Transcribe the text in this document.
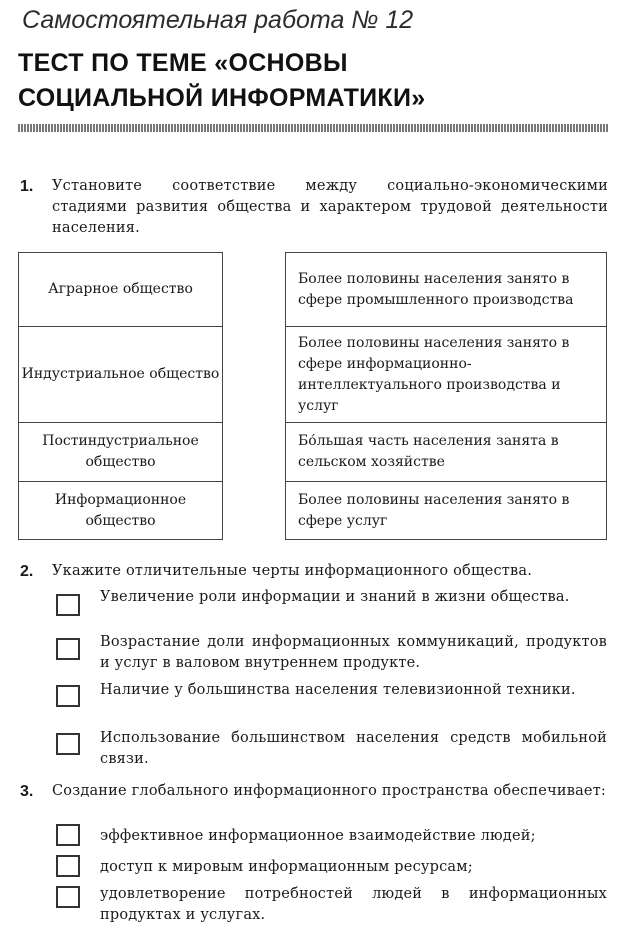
Самостоятельная работа № 12
ТЕСТ ПО ТЕМЕ «ОСНОВЫ
СОЦИАЛЬНОЙ ИНФОРМАТИКИ»
1. Установите соответствие между социально-экономическими стадиями развития общества и характером трудовой деятельности населения.
Аграрное общество
Индустриальное общество
Постиндустриальное общество
Информационное общество
Более половины населения занято в сфере промышленного производства
Более половины населения занято в сфере информационно-интеллектуального производства и услуг
Бо́льшая часть населения занята в сельском хозяйстве
Более половины населения занято в сфере услуг
2. Укажите отличительные черты информационного общества.
Увеличение роли информации и знаний в жизни общества.
Возрастание доли информационных коммуникаций, продуктов и услуг в валовом внутреннем продукте.
Наличие у большинства населения телевизионной техники.
Использование большинством населения средств мобильной связи.
3. Создание глобального информационного пространства обеспечивает:
эффективное информационное взаимодействие людей;
доступ к мировым информационным ресурсам;
удовлетворение потребностей людей в информационных продуктах и услугах.
